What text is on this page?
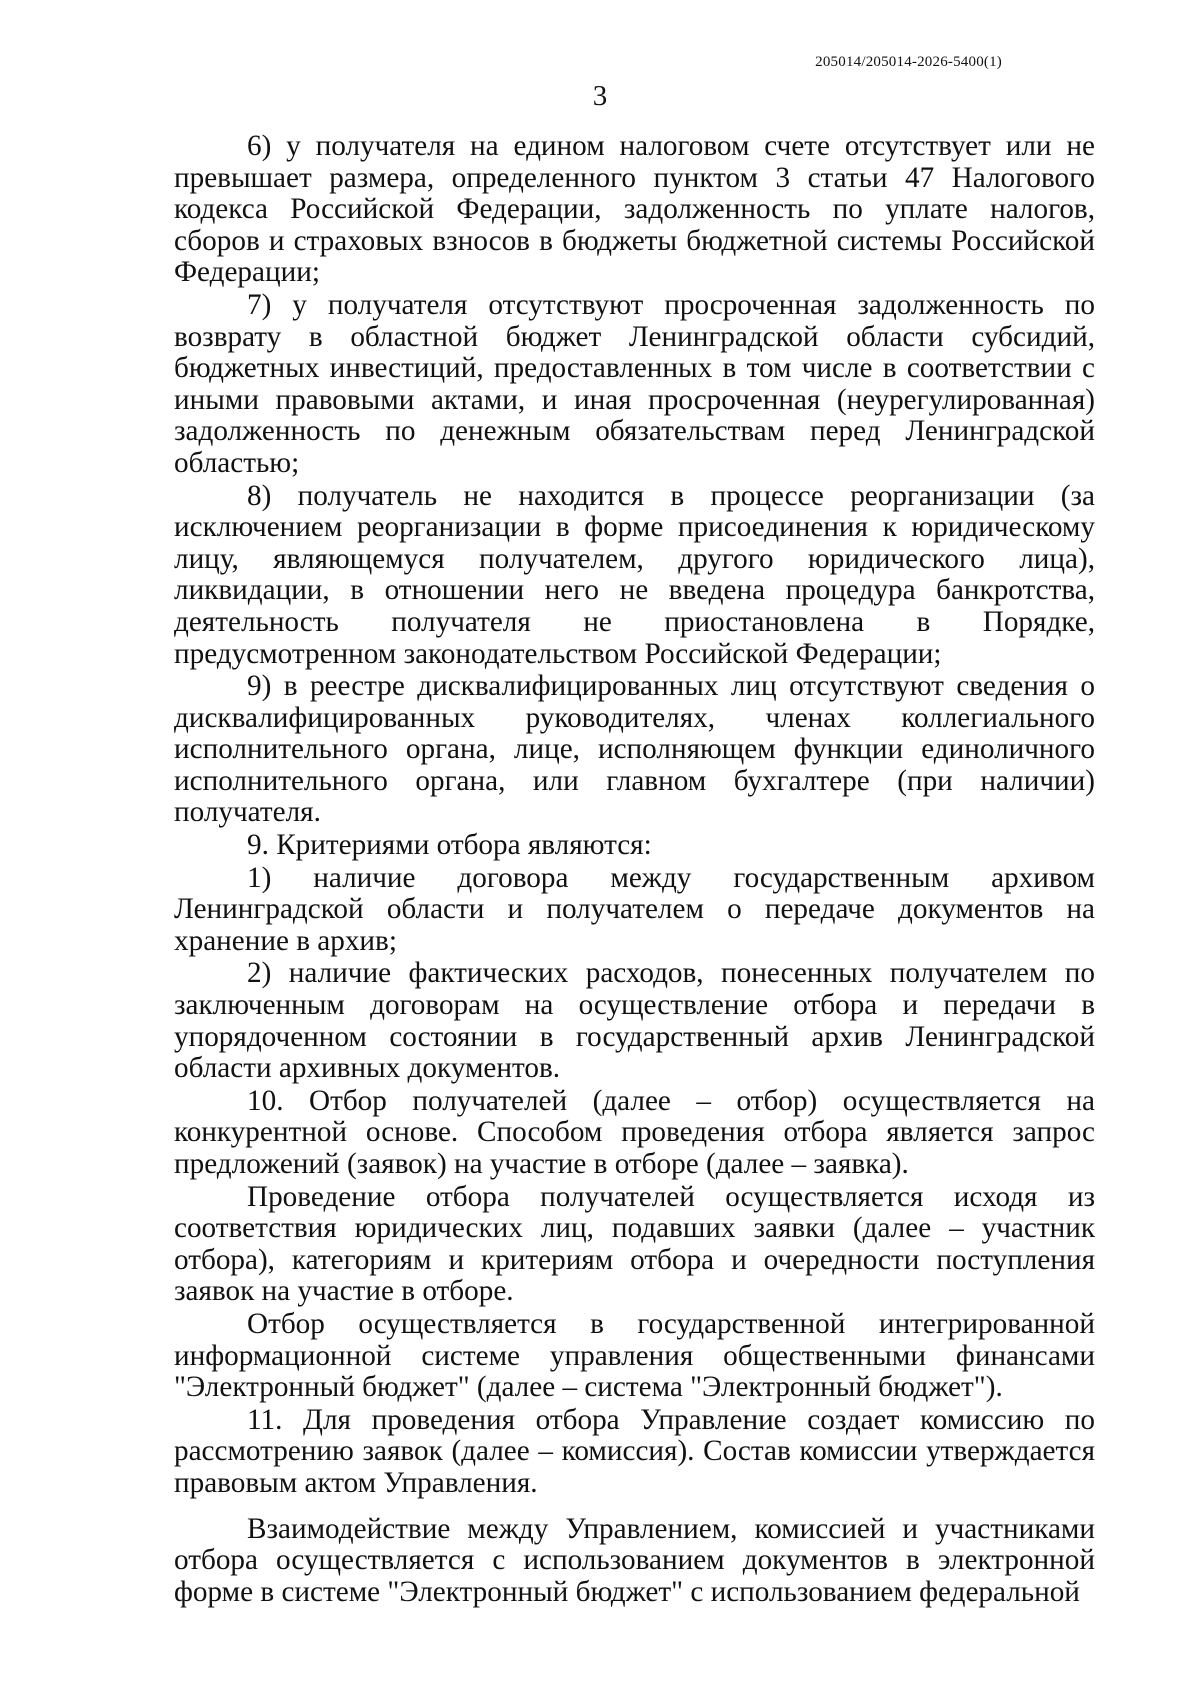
205014/205014-2026-5400(1)
3

6) у получателя на едином налоговом счете отсутствует или не превышает размера, определенного пунктом 3 статьи 47 Налогового кодекса Российской Федерации, задолженность по уплате налогов, сборов и страховых взносов в бюджеты бюджетной системы Российской Федерации;

7) у получателя отсутствуют просроченная задолженность по возврату в областной бюджет Ленинградской области субсидий, бюджетных инвестиций, предоставленных в том числе в соответствии с иными правовыми актами, и иная просроченная (неурегулированная) задолженность по денежным обязательствам перед Ленинградской областью;

8) получатель не находится в процессе реорганизации (за исключением реорганизации в форме присоединения к юридическому лицу, являющемуся получателем, другого юридического лица), ликвидации, в отношении него не введена процедура банкротства, деятельность получателя не приостановлена в Порядке, предусмотренном законодательством Российской Федерации;

9) в реестре дисквалифицированных лиц отсутствуют сведения о дисквалифицированных руководителях, членах коллегиального исполнительного органа, лице, исполняющем функции единоличного исполнительного органа, или главном бухгалтере (при наличии) получателя.

9. Критериями отбора являются:

1) наличие договора между государственным архивом Ленинградской области и получателем о передаче документов на хранение в архив;

2) наличие фактических расходов, понесенных получателем по заключенным договорам на осуществление отбора и передачи в упорядоченном состоянии в государственный архив Ленинградской области архивных документов.

10. Отбор получателей (далее – отбор) осуществляется на конкурентной основе. Способом проведения отбора является запрос предложений (заявок) на участие в отборе (далее – заявка).

Проведение отбора получателей осуществляется исходя из соответствия юридических лиц, подавших заявки (далее – участник отбора), категориям и критериям отбора и очередности поступления заявок на участие в отборе.

Отбор осуществляется в государственной интегрированной информационной системе управления общественными финансами "Электронный бюджет" (далее – система "Электронный бюджет").

11. Для проведения отбора Управление создает комиссию по рассмотрению заявок (далее – комиссия). Состав комиссии утверждается правовым актом Управления.

Взаимодействие между Управлением, комиссией и участниками отбора осуществляется с использованием документов в электронной форме в системе "Электронный бюджет" с использованием федеральной
